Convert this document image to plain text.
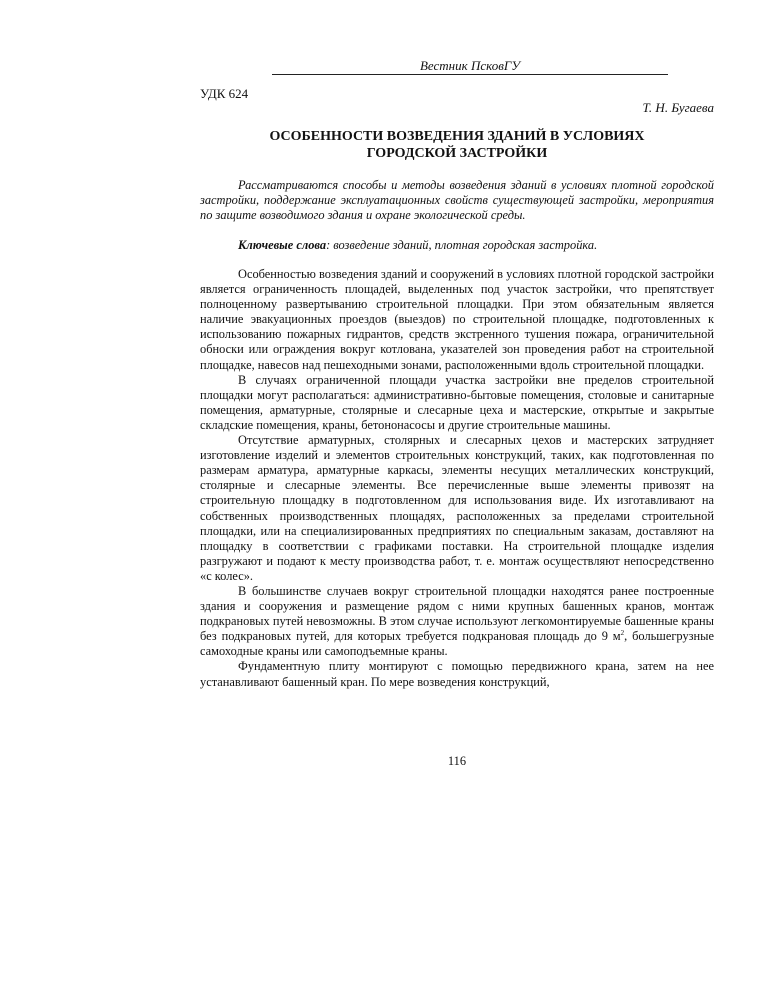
Вестник ПсковГУ
УДК 624
Т. Н. Бугаева
ОСОБЕННОСТИ ВОЗВЕДЕНИЯ ЗДАНИЙ В УСЛОВИЯХ
ГОРОДСКОЙ ЗАСТРОЙКИ

Рассматриваются способы и методы возведения зданий в условиях плотной городской застройки, поддержание эксплуатационных свойств существующей застройки, мероприятия по защите возводимого здания и охране экологической среды.

Ключевые слова: возведение зданий, плотная городская застройка.

Особенностью возведения зданий и сооружений в условиях плотной городской застройки является ограниченность площадей, выделенных под участок застройки, что препятствует полноценному развертыванию строительной площадки. При этом обязательным является наличие эвакуационных проездов (выездов) по строительной площадке, подготовленных к использованию пожарных гидрантов, средств экстренного тушения пожара, ограничительной обноски или ограждения вокруг котлована, указателей зон проведения работ на строительной площадке, навесов над пешеходными зонами, расположенными вдоль строительной площадки.

В случаях ограниченной площади участка застройки вне пределов строительной площадки могут располагаться: административно-бытовые помещения, столовые и санитарные помещения, арматурные, столярные и слесарные цеха и мастерские, открытые и закрытые складские помещения, краны, бетононасосы и другие строительные машины.

Отсутствие арматурных, столярных и слесарных цехов и мастерских затрудняет изготовление изделий и элементов строительных конструкций, таких, как подготовленная по размерам арматура, арматурные каркасы, элементы несущих металлических конструкций, столярные и слесарные элементы. Все перечисленные выше элементы привозят на строительную площадку в подготовленном для использования виде. Их изготавливают на собственных производственных площадях, расположенных за пределами строительной площадки, или на специализированных предприятиях по специальным заказам, доставляют на площадку в соответствии с графиками поставки. На строительной площадке изделия разгружают и подают к месту производства работ, т. е. монтаж осуществляют непосредственно «с колес».

В большинстве случаев вокруг строительной площадки находятся ранее построенные здания и сооружения и размещение рядом с ними крупных башенных кранов, монтаж подкрановых путей невозможны. В этом случае используют легкомонтируемые башенные краны без подкрановых путей, для которых требуется подкрановая площадь до 9 $м^2$, большегрузные самоходные краны или самоподъемные краны.

Фундаментную плиту монтируют с помощью передвижного крана, затем на нее устанавливают башенный кран. По мере возведения конструкций,

116
